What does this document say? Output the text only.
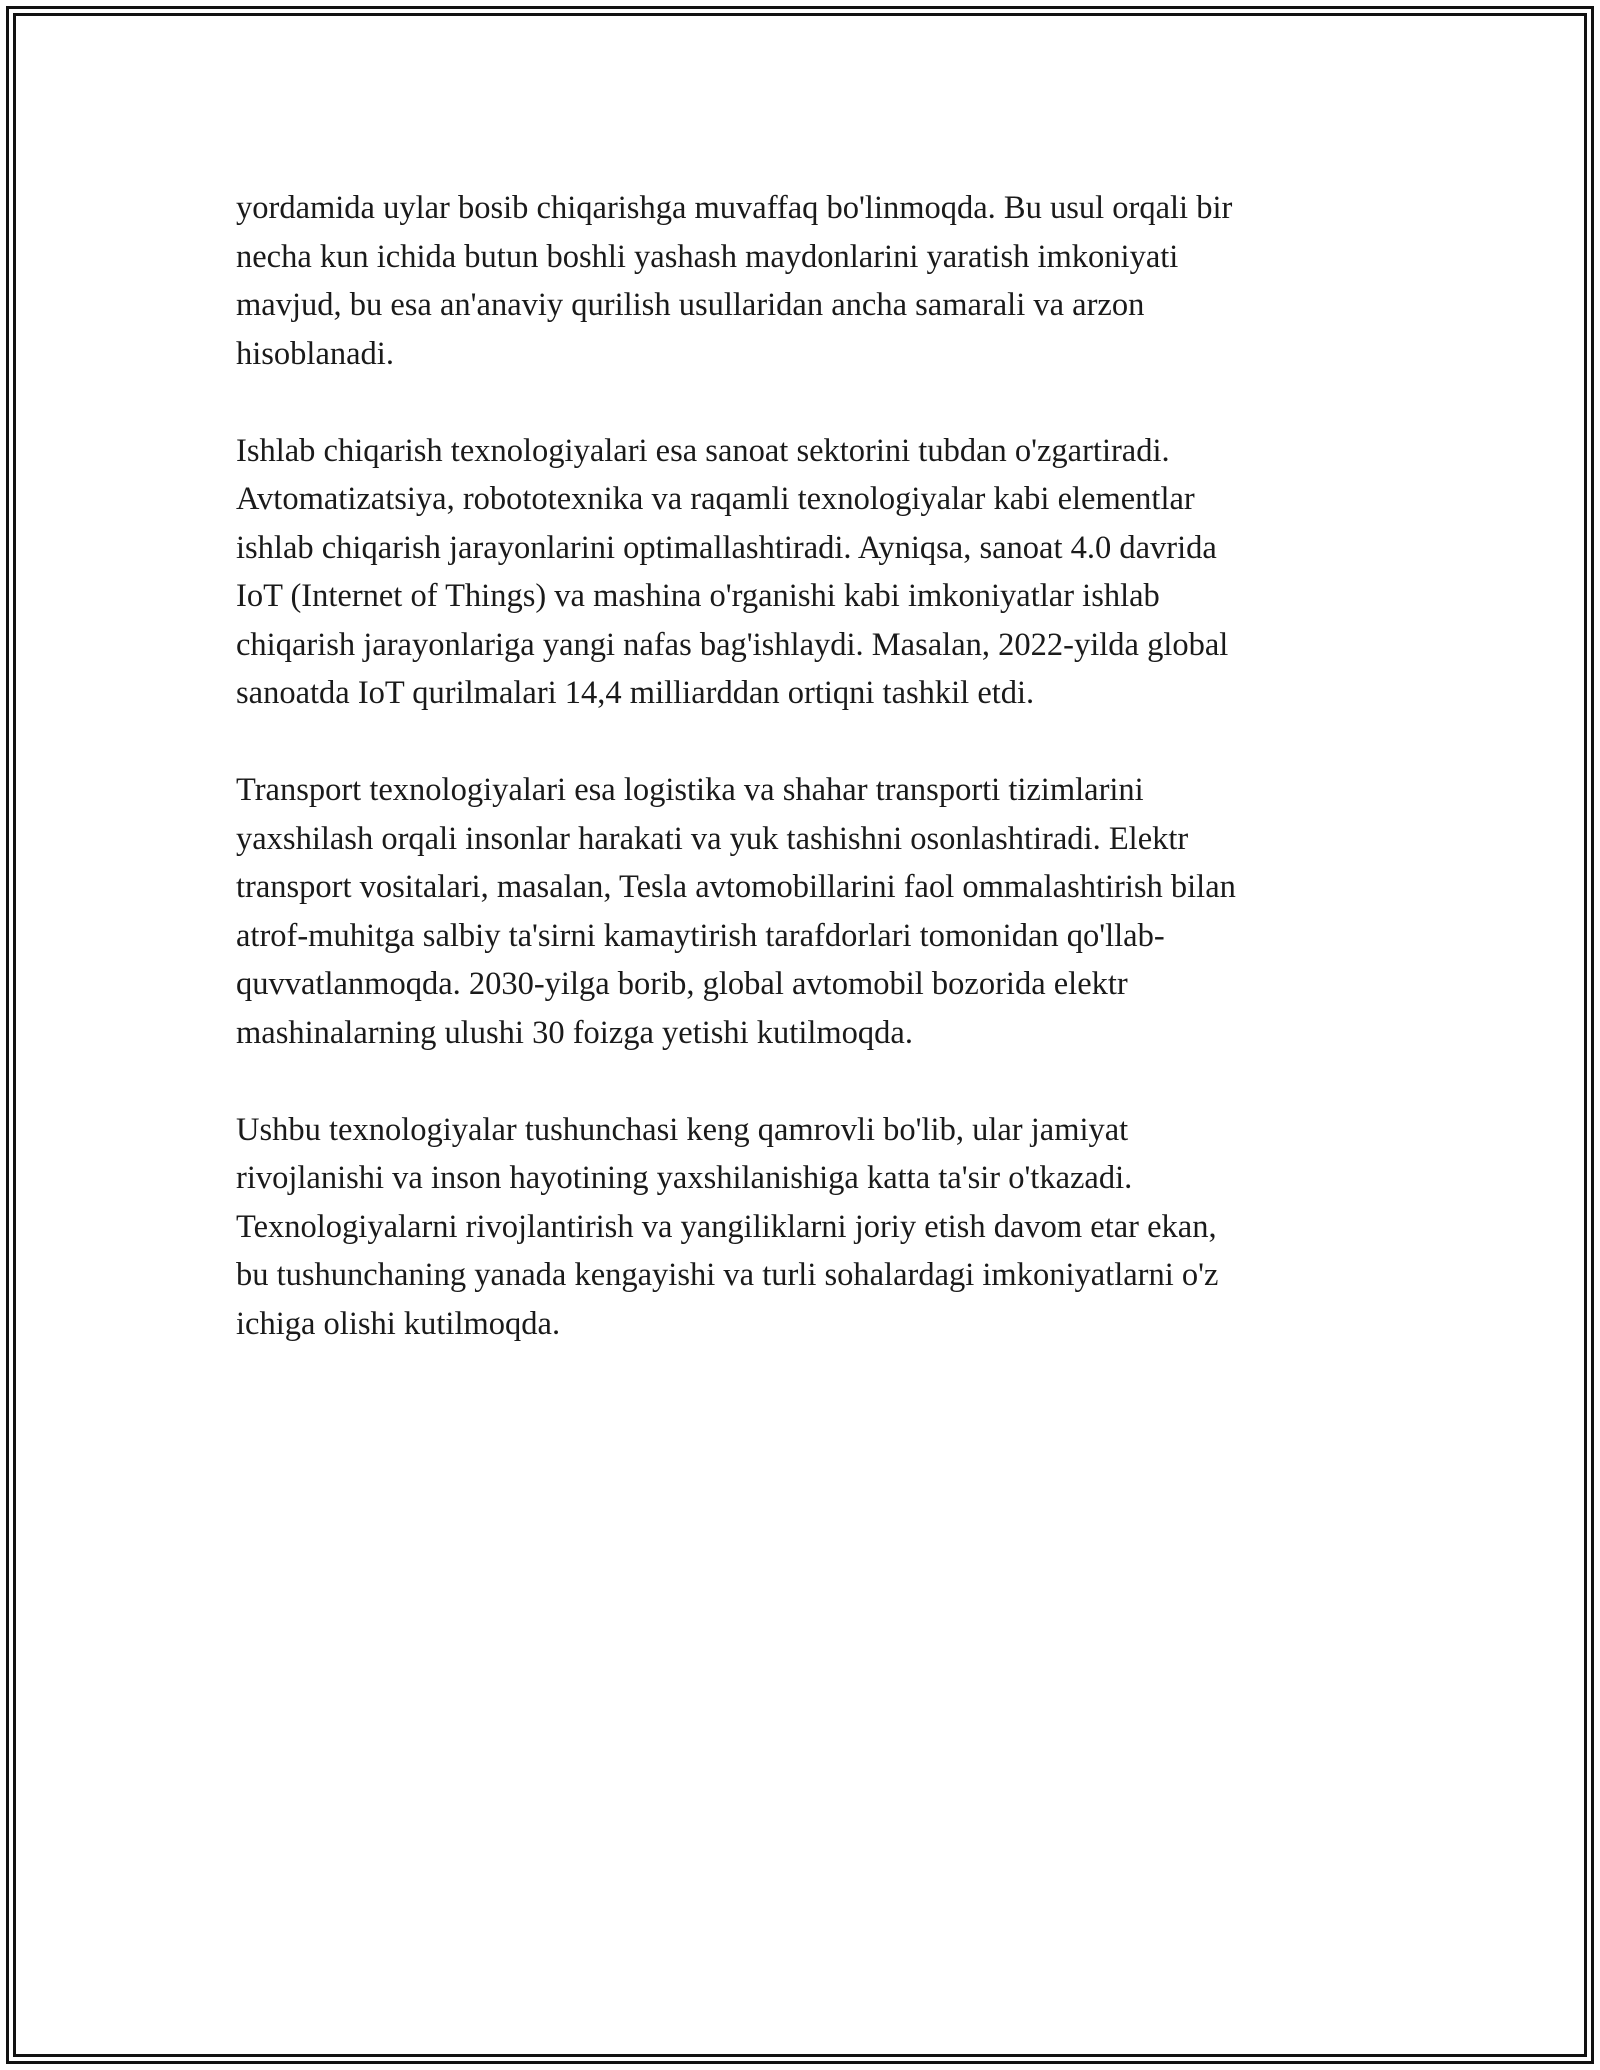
yordamida uylar bosib chiqarishga muvaffaq bo'linmoqda. Bu usul orqali bir
necha kun ichida butun boshli yashash maydonlarini yaratish imkoniyati
mavjud, bu esa an'anaviy qurilish usullaridan ancha samarali va arzon
hisoblanadi.

Ishlab chiqarish texnologiyalari esa sanoat sektorini tubdan o'zgartiradi.
Avtomatizatsiya, robototexnika va raqamli texnologiyalar kabi elementlar
ishlab chiqarish jarayonlarini optimallashtiradi. Ayniqsa, sanoat 4.0 davrida
IoT (Internet of Things) va mashina o'rganishi kabi imkoniyatlar ishlab
chiqarish jarayonlariga yangi nafas bag'ishlaydi. Masalan, 2022-yilda global
sanoatda IoT qurilmalari 14,4 milliarddan ortiqni tashkil etdi.

Transport texnologiyalari esa logistika va shahar transporti tizimlarini
yaxshilash orqali insonlar harakati va yuk tashishni osonlashtiradi. Elektr
transport vositalari, masalan, Tesla avtomobillarini faol ommalashtirish bilan
atrof-muhitga salbiy ta'sirni kamaytirish tarafdorlari tomonidan qo'llab-
quvvatlanmoqda. 2030-yilga borib, global avtomobil bozorida elektr
mashinalarning ulushi 30 foizga yetishi kutilmoqda.

Ushbu texnologiyalar tushunchasi keng qamrovli bo'lib, ular jamiyat
rivojlanishi va inson hayotining yaxshilanishiga katta ta'sir o'tkazadi.
Texnologiyalarni rivojlantirish va yangiliklarni joriy etish davom etar ekan,
bu tushunchaning yanada kengayishi va turli sohalardagi imkoniyatlarni o'z
ichiga olishi kutilmoqda.
